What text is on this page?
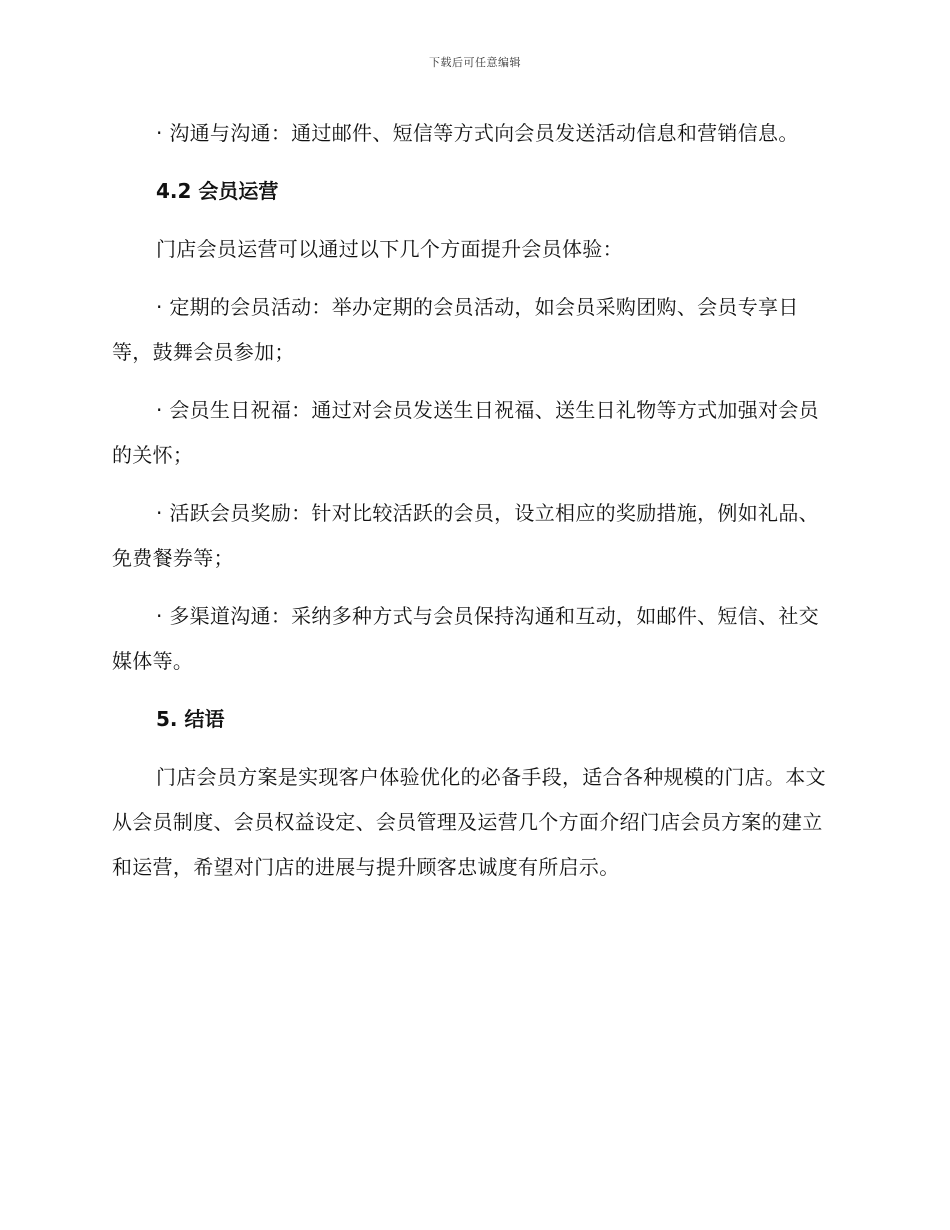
下载后可任意编辑

· 沟通与沟通：通过邮件、短信等方式向会员发送活动信息和营销信息。

4.2 会员运营

门店会员运营可以通过以下几个方面提升会员体验：

· 定期的会员活动：举办定期的会员活动，如会员采购团购、会员专享日等，鼓舞会员参加；

· 会员生日祝福：通过对会员发送生日祝福、送生日礼物等方式加强对会员的关怀；

· 活跃会员奖励：针对比较活跃的会员，设立相应的奖励措施，例如礼品、免费餐券等；

· 多渠道沟通：采纳多种方式与会员保持沟通和互动，如邮件、短信、社交媒体等。

5. 结语

门店会员方案是实现客户体验优化的必备手段，适合各种规模的门店。本文从会员制度、会员权益设定、会员管理及运营几个方面介绍门店会员方案的建立和运营，希望对门店的进展与提升顾客忠诚度有所启示。
